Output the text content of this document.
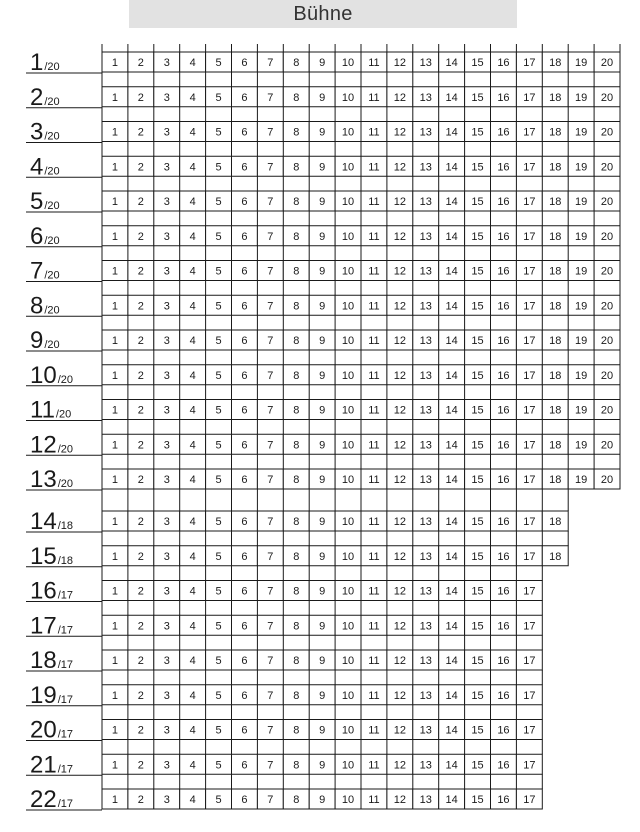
Bühne
1/20	1 2 3 4 5 6 7 8 9 10 11 12 13 14 15 16 17 18 19 20
2/20	1 2 3 4 5 6 7 8 9 10 11 12 13 14 15 16 17 18 19 20
3/20	1 2 3 4 5 6 7 8 9 10 11 12 13 14 15 16 17 18 19 20
4/20	1 2 3 4 5 6 7 8 9 10 11 12 13 14 15 16 17 18 19 20
5/20	1 2 3 4 5 6 7 8 9 10 11 12 13 14 15 16 17 18 19 20
6/20	1 2 3 4 5 6 7 8 9 10 11 12 13 14 15 16 17 18 19 20
7/20	1 2 3 4 5 6 7 8 9 10 11 12 13 14 15 16 17 18 19 20
8/20	1 2 3 4 5 6 7 8 9 10 11 12 13 14 15 16 17 18 19 20
9/20	1 2 3 4 5 6 7 8 9 10 11 12 13 14 15 16 17 18 19 20
10/20	1 2 3 4 5 6 7 8 9 10 11 12 13 14 15 16 17 18 19 20
11/20	1 2 3 4 5 6 7 8 9 10 11 12 13 14 15 16 17 18 19 20
12/20	1 2 3 4 5 6 7 8 9 10 11 12 13 14 15 16 17 18 19 20
13/20	1 2 3 4 5 6 7 8 9 10 11 12 13 14 15 16 17 18 19 20
14/18	1 2 3 4 5 6 7 8 9 10 11 12 13 14 15 16 17 18
15/18	1 2 3 4 5 6 7 8 9 10 11 12 13 14 15 16 17 18
16/17	1 2 3 4 5 6 7 8 9 10 11 12 13 14 15 16 17
17/17	1 2 3 4 5 6 7 8 9 10 11 12 13 14 15 16 17
18/17	1 2 3 4 5 6 7 8 9 10 11 12 13 14 15 16 17
19/17	1 2 3 4 5 6 7 8 9 10 11 12 13 14 15 16 17
20/17	1 2 3 4 5 6 7 8 9 10 11 12 13 14 15 16 17
21/17	1 2 3 4 5 6 7 8 9 10 11 12 13 14 15 16 17
22/17	1 2 3 4 5 6 7 8 9 10 11 12 13 14 15 16 17
